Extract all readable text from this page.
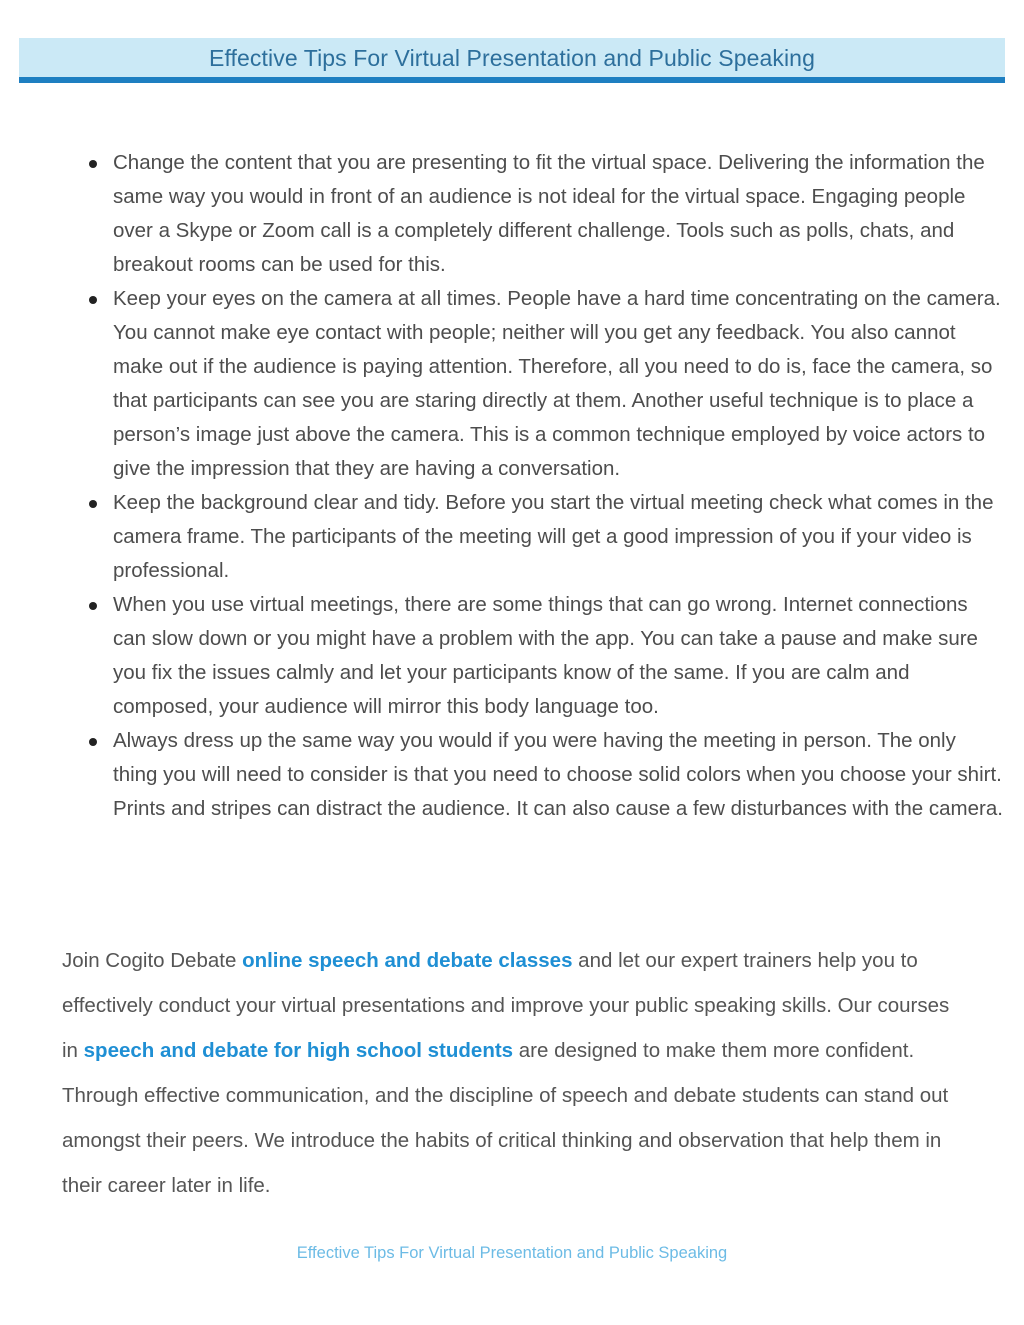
Effective Tips For Virtual Presentation and Public Speaking
Change the content that you are presenting to fit the virtual space. Delivering the information the same way you would in front of an audience is not ideal for the virtual space. Engaging people over a Skype or Zoom call is a completely different challenge. Tools such as polls, chats, and breakout rooms can be used for this.
Keep your eyes on the camera at all times. People have a hard time concentrating on the camera. You cannot make eye contact with people; neither will you get any feedback. You also cannot make out if the audience is paying attention. Therefore, all you need to do is, face the camera, so that participants can see you are staring directly at them. Another useful technique is to place a person’s image just above the camera. This is a common technique employed by voice actors to give the impression that they are having a conversation.
Keep the background clear and tidy. Before you start the virtual meeting check what comes in the camera frame. The participants of the meeting will get a good impression of you if your video is professional.
When you use virtual meetings, there are some things that can go wrong. Internet connections can slow down or you might have a problem with the app. You can take a pause and make sure you fix the issues calmly and let your participants know of the same. If you are calm and composed, your audience will mirror this body language too.
Always dress up the same way you would if you were having the meeting in person. The only thing you will need to consider is that you need to choose solid colors when you choose your shirt. Prints and stripes can distract the audience. It can also cause a few disturbances with the camera.

Join Cogito Debate online speech and debate classes and let our expert trainers help you to effectively conduct your virtual presentations and improve your public speaking skills. Our courses in speech and debate for high school students are designed to make them more confident. Through effective communication, and the discipline of speech and debate students can stand out amongst their peers. We introduce the habits of critical thinking and observation that help them in their career later in life.

Effective Tips For Virtual Presentation and Public Speaking
